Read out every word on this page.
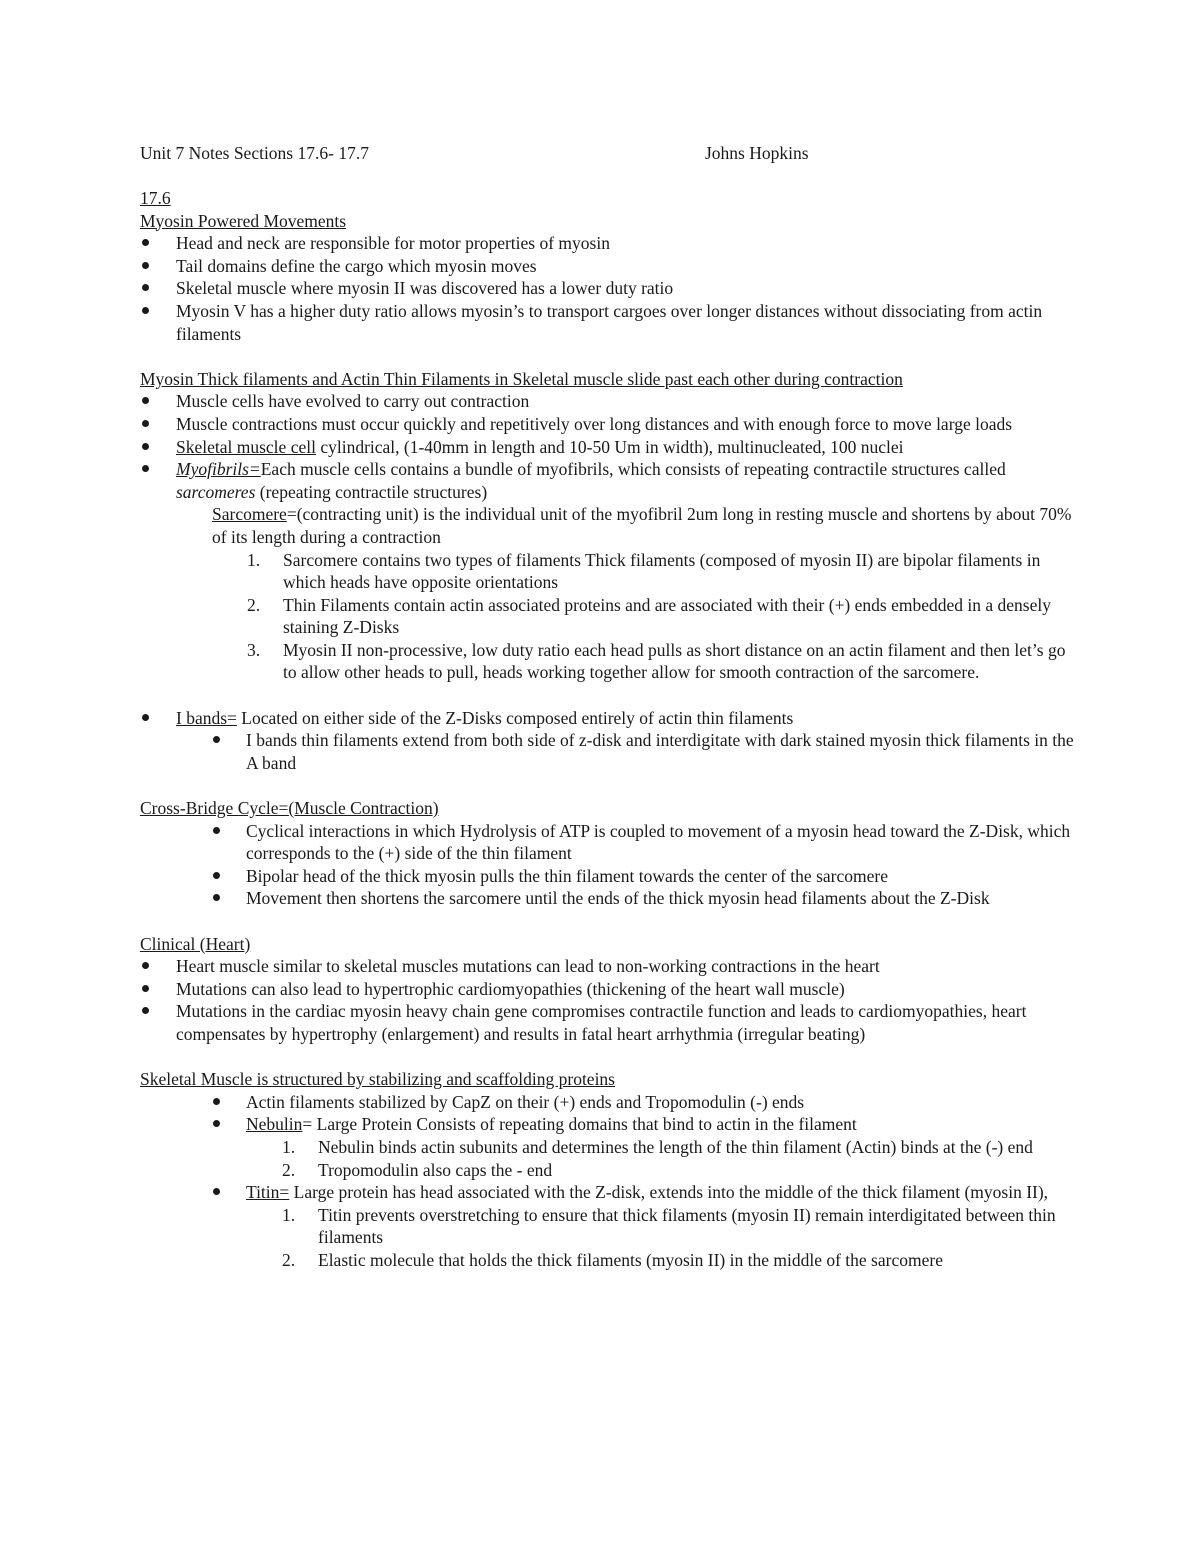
Unit 7 Notes Sections 17.6- 17.7	Johns Hopkins

17.6

Myosin Powered Movements

Head and neck are responsible for motor properties of myosin
Tail domains define the cargo which myosin moves
Skeletal muscle where myosin II was discovered has a lower duty ratio
Myosin V has a higher duty ratio allows myosin’s to transport cargoes over longer distances without dissociating from actin filaments

Myosin Thick filaments and Actin Thin Filaments in Skeletal muscle slide past each other during contraction

Muscle cells have evolved to carry out contraction
Muscle contractions must occur quickly and repetitively over long distances and with enough force to move large loads
Skeletal muscle cell cylindrical, (1-40mm in length and 10-50 Um in width), multinucleated, 100 nuclei
Myofibrils=Each muscle cells contains a bundle of myofibrils, which consists of repeating contractile structures called sarcomeres (repeating contractile structures)

Sarcomere=(contracting unit) is the individual unit of the myofibril 2um long in resting muscle and shortens by about 70% of its length during a contraction

1. Sarcomere contains two types of filaments Thick filaments (composed of myosin II) are bipolar filaments in which heads have opposite orientations
2. Thin Filaments contain actin associated proteins and are associated with their (+) ends embedded in a densely staining Z-Disks
3. Myosin II non-processive, low duty ratio each head pulls as short distance on an actin filament and then let’s go to allow other heads to pull, heads working together allow for smooth contraction of the sarcomere.
I bands= Located on either side of the Z-Disks composed entirely of actin thin filaments
I bands thin filaments extend from both side of z-disk and interdigitate with dark stained myosin thick filaments in the A band

Cross-Bridge Cycle=(Muscle Contraction)

Cyclical interactions in which Hydrolysis of ATP is coupled to movement of a myosin head toward the Z-Disk, which corresponds to the (+) side of the thin filament
Bipolar head of the thick myosin pulls the thin filament towards the center of the sarcomere
Movement then shortens the sarcomere until the ends of the thick myosin head filaments about the Z-Disk

Clinical (Heart)

Heart muscle similar to skeletal muscles mutations can lead to non-working contractions in the heart
Mutations can also lead to hypertrophic cardiomyopathies (thickening of the heart wall muscle)
Mutations in the cardiac myosin heavy chain gene compromises contractile function and leads to cardiomyopathies, heart compensates by hypertrophy (enlargement) and results in fatal heart arrhythmia (irregular beating)

Skeletal Muscle is structured by stabilizing and scaffolding proteins

Actin filaments stabilized by CapZ on their (+) ends and Tropomodulin (-) ends
Nebulin= Large Protein Consists of repeating domains that bind to actin in the filament
1. Nebulin binds actin subunits and determines the length of the thin filament (Actin) binds at the (-) end
2. Tropomodulin also caps the - end
Titin= Large protein has head associated with the Z-disk, extends into the middle of the thick filament (myosin II),
1. Titin prevents overstretching to ensure that thick filaments (myosin II) remain interdigitated between thin filaments
2. Elastic molecule that holds the thick filaments (myosin II) in the middle of the sarcomere
